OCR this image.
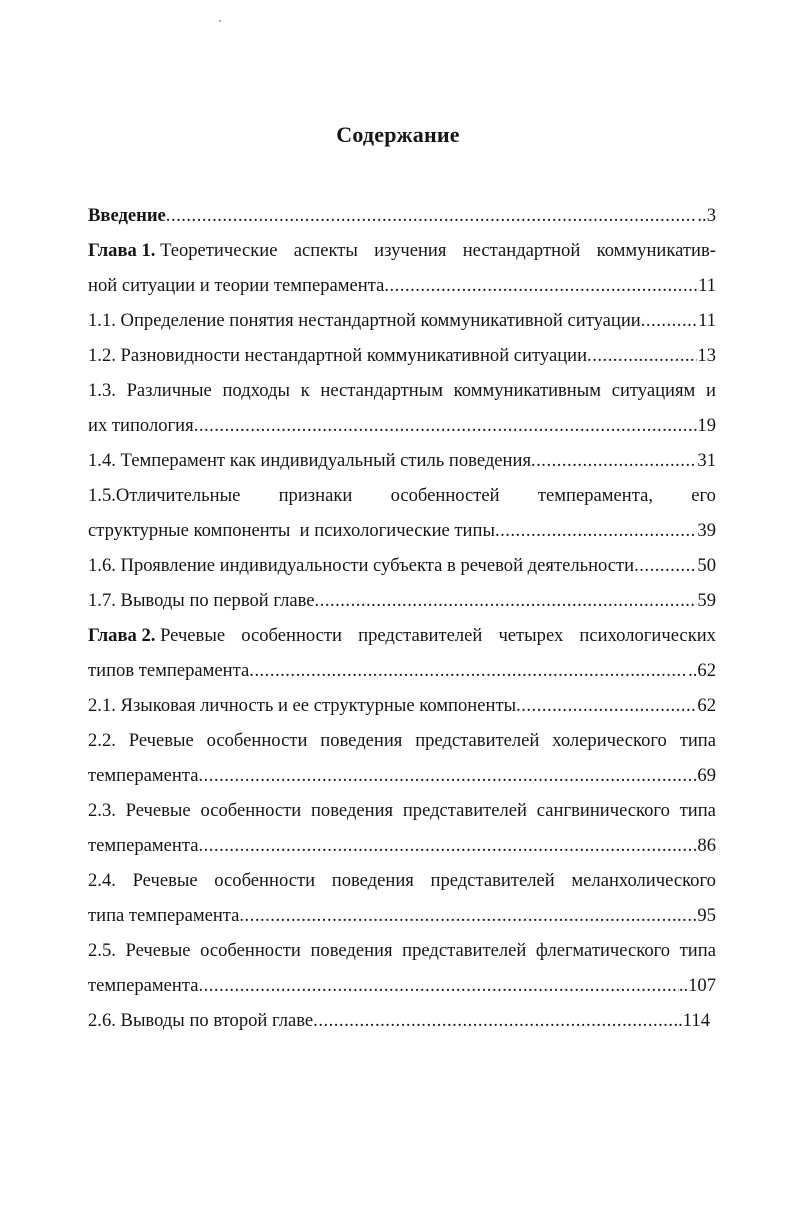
Содержание
Введение .....	..3
Глава 1. Теоретические аспекты изучения нестандартной коммуникатив-
ной ситуации и теории темперамента .....	11
1.1. Определение понятия нестандартной коммуникативной ситуации .....	11
1.2. Разновидности нестандартной коммуникативной ситуации .....	13
1.3. Различные подходы к нестандартным коммуникативным ситуациям и
их типология .....	19
1.4. Темперамент как индивидуальный стиль поведения .....	31
1.5.Отличительные признаки особенностей темперамента, его
структурные компоненты  и психологические типы .....	39
1.6. Проявление индивидуальности субъекта в речевой деятельности .....	50
1.7. Выводы по первой главе .....	59
Глава 2. Речевые особенности представителей четырех психологических
типов темперамента .....	..62
2.1. Языковая личность и ее структурные компоненты .....	62
2.2. Речевые особенности поведения представителей холерического типа
темперамента .....	69
2.3. Речевые особенности поведения представителей сангвинического типа
темперамента .....	86
2.4. Речевые особенности поведения представителей меланхолического
типа темперамента .....	95
2.5. Речевые особенности поведения представителей флегматического типа
темперамента .....	..107
2.6. Выводы по второй главе .....	..114
